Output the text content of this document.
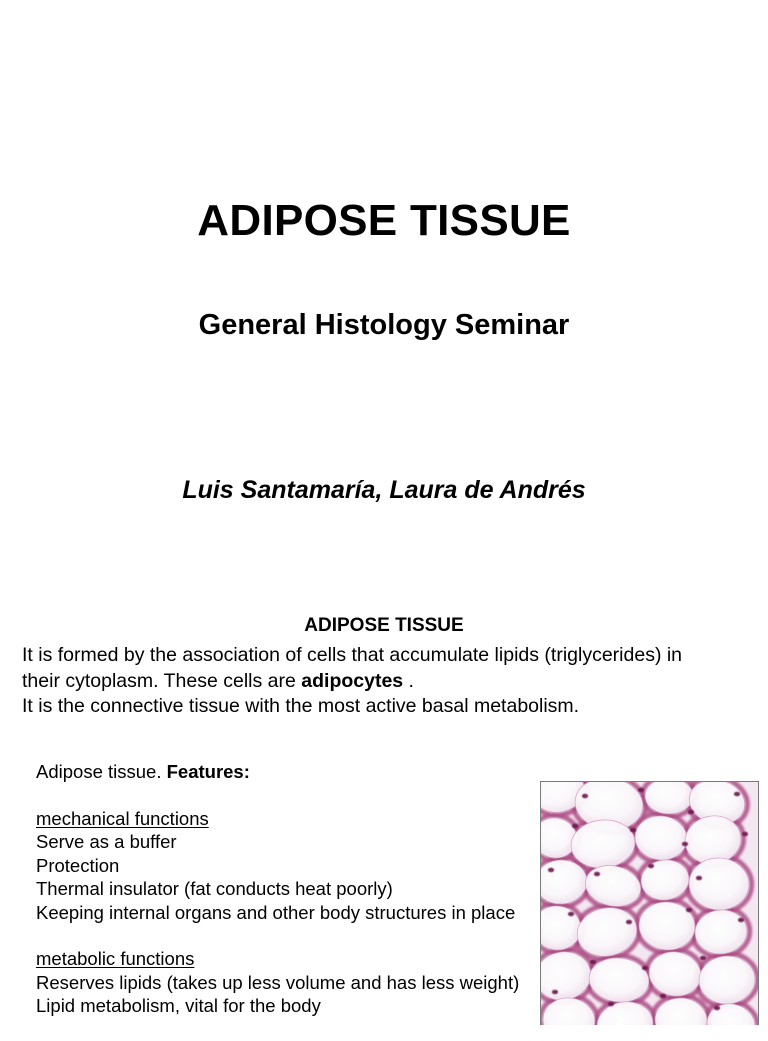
ADIPOSE TISSUE
General Histology Seminar
Luis Santamaría, Laura de Andrés
ADIPOSE TISSUE
It is formed by the association of cells that accumulate lipids (triglycerides) in their cytoplasm. These cells are adipocytes .
It is the connective tissue with the most active basal metabolism.

Adipose tissue. Features:

mechanical functions
Serve as a buffer
Protection
Thermal insulator (fat conducts heat poorly)
Keeping internal organs and other body structures in place
metabolic functions
Reserves lipids (takes up less volume and has less weight)
Lipid metabolism, vital for the body
